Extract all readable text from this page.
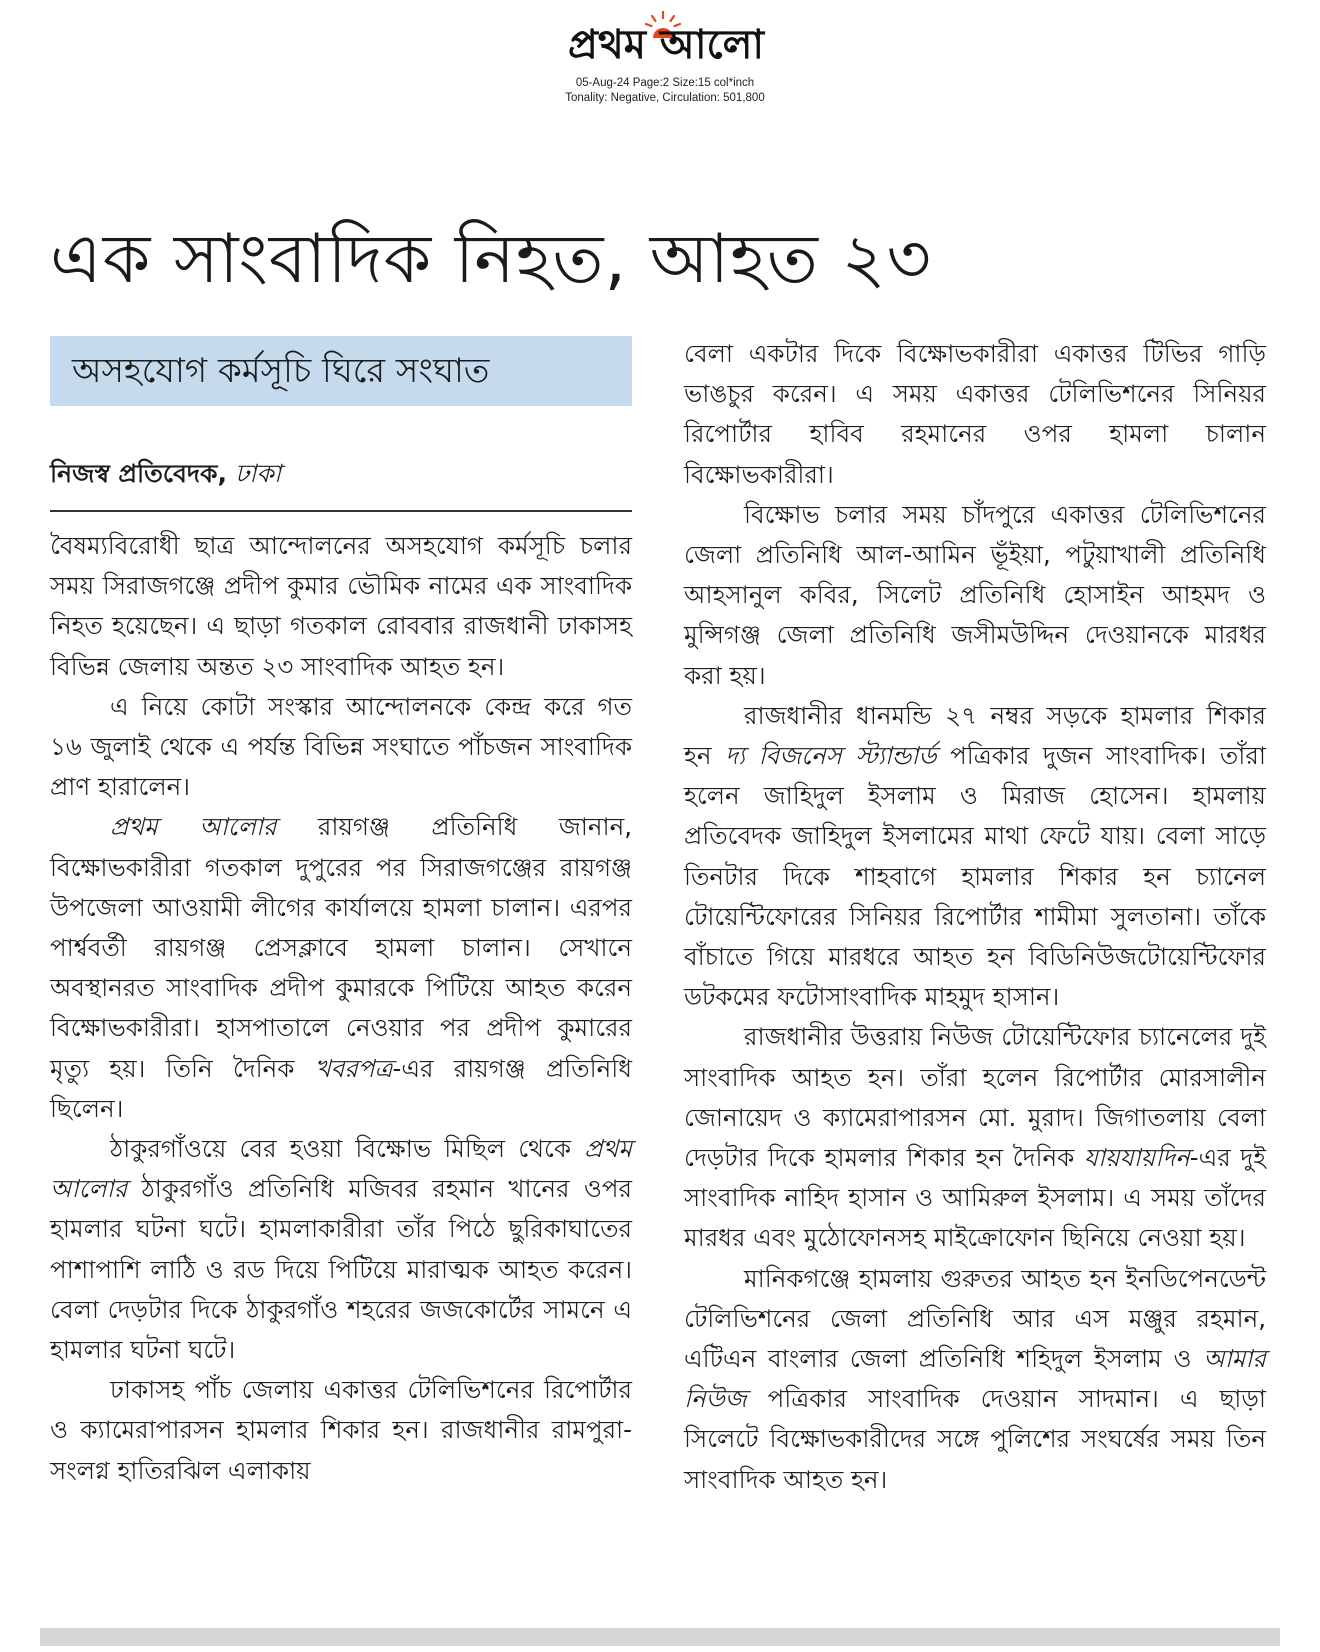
প্রথম আলো
05-Aug-24 Page:2 Size:15 col*inch
Tonality: Negative, Circulation: 501,800
এক সাংবাদিক নিহত, আহত ২৩
অসহযোগ কর্মসূচি ঘিরে সংঘাত
নিজস্ব প্রতিবেদক, ঢাকা

বৈষম্যবিরোধী ছাত্র আন্দোলনের অসহযোগ কর্মসূচি চলার সময় সিরাজগঞ্জে প্রদীপ কুমার ভৌমিক নামের এক সাংবাদিক নিহত হয়েছেন। এ ছাড়া গতকাল রোববার রাজধানী ঢাকাসহ বিভিন্ন জেলায় অন্তত ২৩ সাংবাদিক আহত হন।

এ নিয়ে কোটা সংস্কার আন্দোলনকে কেন্দ্র করে গত ১৬ জুলাই থেকে এ পর্যন্ত বিভিন্ন সংঘাতে পাঁচজন সাংবাদিক প্রাণ হারালেন।

প্রথম আলোর রায়গঞ্জ প্রতিনিধি জানান, বিক্ষোভকারীরা গতকাল দুপুরের পর সিরাজগঞ্জের রায়গঞ্জ উপজেলা আওয়ামী লীগের কার্যালয়ে হামলা চালান। এরপর পার্শ্ববর্তী রায়গঞ্জ প্রেসক্লাবে হামলা চালান। সেখানে অবস্থানরত সাংবাদিক প্রদীপ কুমারকে পিটিয়ে আহত করেন বিক্ষোভকারীরা। হাসপাতালে নেওয়ার পর প্রদীপ কুমারের মৃত্যু হয়। তিনি দৈনিক খবরপত্র-এর রায়গঞ্জ প্রতিনিধি ছিলেন।

ঠাকুরগাঁওয়ে বের হওয়া বিক্ষোভ মিছিল থেকে প্রথম আলোর ঠাকুরগাঁও প্রতিনিধি মজিবর রহমান খানের ওপর হামলার ঘটনা ঘটে। হামলাকারীরা তাঁর পিঠে ছুরিকাঘাতের পাশাপাশি লাঠি ও রড দিয়ে পিটিয়ে মারাত্মক আহত করেন। বেলা দেড়টার দিকে ঠাকুরগাঁও শহরের জজকোর্টের সামনে এ হামলার ঘটনা ঘটে।

ঢাকাসহ পাঁচ জেলায় একাত্তর টেলিভিশনের রিপোর্টার ও ক্যামেরাপারসন হামলার শিকার হন। রাজধানীর রামপুরা-সংলগ্ন হাতিরঝিল এলাকায়

বেলা একটার দিকে বিক্ষোভকারীরা একাত্তর টিভির গাড়ি ভাঙচুর করেন। এ সময় একাত্তর টেলিভিশনের সিনিয়র রিপোর্টার হাবিব রহমানের ওপর হামলা চালান বিক্ষোভকারীরা।

বিক্ষোভ চলার সময় চাঁদপুরে একাত্তর টেলিভিশনের জেলা প্রতিনিধি আল-আমিন ভূঁইয়া, পটুয়াখালী প্রতিনিধি আহসানুল কবির, সিলেট প্রতিনিধি হোসাইন আহমদ ও মুন্সিগঞ্জ জেলা প্রতিনিধি জসীমউদ্দিন দেওয়ানকে মারধর করা হয়।

রাজধানীর ধানমন্ডি ২৭ নম্বর সড়কে হামলার শিকার হন দ্য বিজনেস স্ট্যান্ডার্ড পত্রিকার দুজন সাংবাদিক। তাঁরা হলেন জাহিদুল ইসলাম ও মিরাজ হোসেন। হামলায় প্রতিবেদক জাহিদুল ইসলামের মাথা ফেটে যায়। বেলা সাড়ে তিনটার দিকে শাহবাগে হামলার শিকার হন চ্যানেল টোয়েন্টিফোরের সিনিয়র রিপোর্টার শামীমা সুলতানা। তাঁকে বাঁচাতে গিয়ে মারধরে আহত হন বিডিনিউজটোয়েন্টিফোর ডটকমের ফটোসাংবাদিক মাহমুদ হাসান।

রাজধানীর উত্তরায় নিউজ টোয়েন্টিফোর চ্যানেলের দুই সাংবাদিক আহত হন। তাঁরা হলেন রিপোর্টার মোরসালীন জোনায়েদ ও ক্যামেরাপারসন মো. মুরাদ। জিগাতলায় বেলা দেড়টার দিকে হামলার শিকার হন দৈনিক যায়যায়দিন-এর দুই সাংবাদিক নাহিদ হাসান ও আমিরুল ইসলাম। এ সময় তাঁদের মারধর এবং মুঠোফোনসহ মাইক্রোফোন ছিনিয়ে নেওয়া হয়।

মানিকগঞ্জে হামলায় গুরুতর আহত হন ইনডিপেনডেন্ট টেলিভিশনের জেলা প্রতিনিধি আর এস মঞ্জুর রহমান, এটিএন বাংলার জেলা প্রতিনিধি শহিদুল ইসলাম ও আমার নিউজ পত্রিকার সাংবাদিক দেওয়ান সাদমান। এ ছাড়া সিলেটে বিক্ষোভকারীদের সঙ্গে পুলিশের সংঘর্ষের সময় তিন সাংবাদিক আহত হন।
